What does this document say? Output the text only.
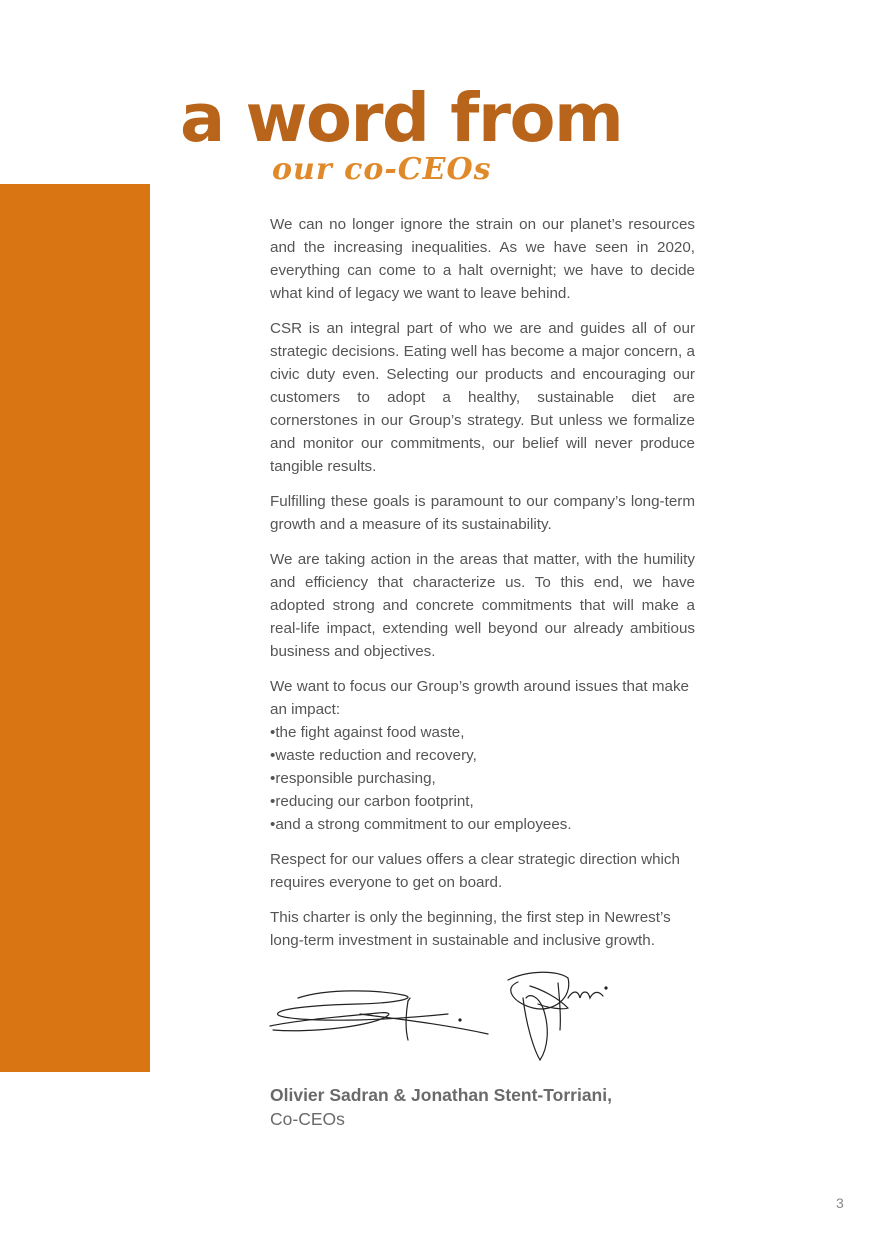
a word from
our co-CEOs

We can no longer ignore the strain on our planet’s resources and the increasing inequalities. As we have seen in 2020, everything can come to a halt overnight; we have to decide what kind of legacy we want to leave behind.

CSR is an integral part of who we are and guides all of our strategic decisions. Eating well has become a major concern, a civic duty even. Selecting our products and encouraging our customers to adopt a healthy, sustainable diet are cornerstones in our Group’s strategy. But unless we formalize and monitor our commitments, our belief will never produce tangible results.

Fulfilling these goals is paramount to our company’s long-term growth and a measure of its sustainability.

We are taking action in the areas that matter, with the humility and efficiency that characterize us. To this end, we have adopted strong and concrete commitments that will make a real-life impact, extending well beyond our already ambitious business and objectives.

We want to focus our Group’s growth around issues that make an impact:
• the fight against food waste,
• waste reduction and recovery,
• responsible purchasing,
• reducing our carbon footprint,
• and a strong commitment to our employees.

Respect for our values offers a clear strategic direction which requires everyone to get on board.

This charter is only the beginning, the first step in Newrest’s long-term investment in sustainable and inclusive growth.

Olivier Sadran & Jonathan Stent-Torriani,

Co-CEOs

3
